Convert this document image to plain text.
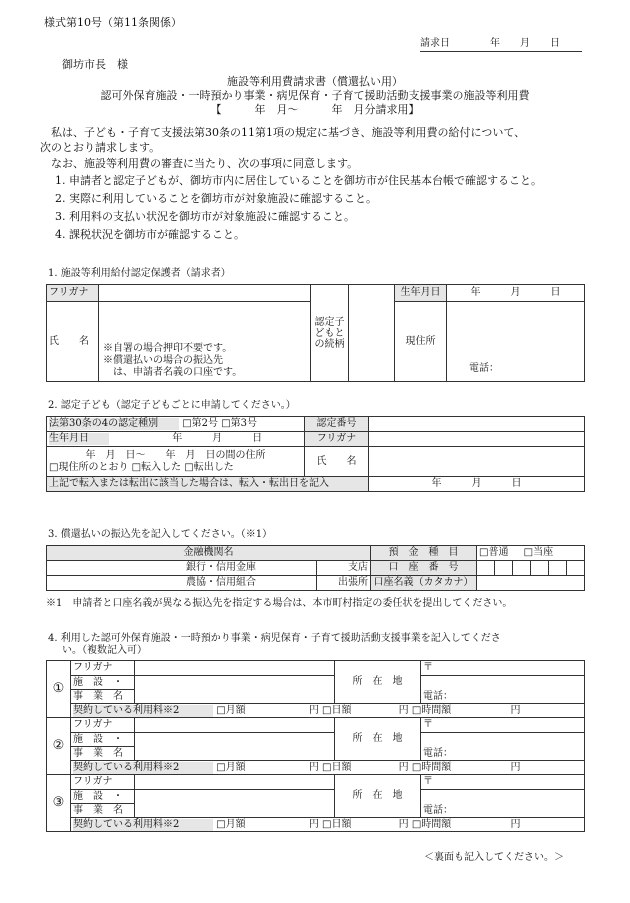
様式第10号（第11条関係）
請求日　　　　年　　月　　日
御坊市長　様
施設等利用費請求書（償還払い用）
認可外保育施設・一時預かり事業・病児保育・子育て援助活動支援事業の施設等利用費
【　　　年　月〜　　　年　月分請求用】
　私は、子ども・子育て支援法第30条の11第1項の規定に基づき、施設等利用費の給付について、
次のとおり請求します。
　なお、施設等利用費の審査に当たり、次の事項に同意します。
1. 申請者と認定子どもが、御坊市内に居住していることを御坊市が住民基本台帳で確認すること。
2. 実際に利用していることを御坊市が対象施設に確認すること。
3. 利用料の支払い状況を御坊市が対象施設に確認すること。
4. 課税状況を御坊市が確認すること。
1. 施設等利用給付認定保護者（請求者）
フリガナ		認定子どもとの続柄		生年月日	年　　　月　　　日
氏　　名	※自署の場合押印不要です。
※償還払いの場合の振込先
　は、申請者名義の口座です。			現住所	電話：
2. 認定子ども（認定子どもごとに申請してください。）
法第30条の4の認定種別 □ 第2号 □ 第3号	認定番号	
生年月日 年　　　月　　　日	フリガナ	

年　月　日〜　　年　月　日の間の住所
□ 現住所のとおり □ 転入した □ 転出した	氏　　名	
上記で転入または転出に該当した場合は、転入・転出日を記入		年　　　月　　　日
3. 償還払いの振込先を記入してください。（※1）
金融機関名		預　金　種　目	□普通 □ 当座
銀行・信用金庫	支店	口　座　番　号						
農協・信用組合	出張所	口座名義（カタカナ）						
※1　申請者と口座名義が異なる振込先を指定する場合は、本市町村指定の委任状を提出してください。
4. 利用した認可外保育施設・一時預かり事業・病児保育・子育て援助活動支援事業を記入してくださ
い。（複数記入可）
①	フリガナ		所　在　地	〒
	施　設　・			電話：
	事　業　名			
	契約している利用料※2 □ 月額 円 □ 日額 円 □ 時間額 円
②	フリガナ		所　在　地	〒
	施　設　・			電話：
	事　業　名			
	契約している利用料※2 □ 月額 円 □ 日額 円 □ 時間額 円
③	フリガナ		所　在　地	〒
	施　設　・			電話：
	事　業　名			
	契約している利用料※2 □ 月額 円 □ 日額 円 □ 時間額 円
＜裏面も記入してください。＞
